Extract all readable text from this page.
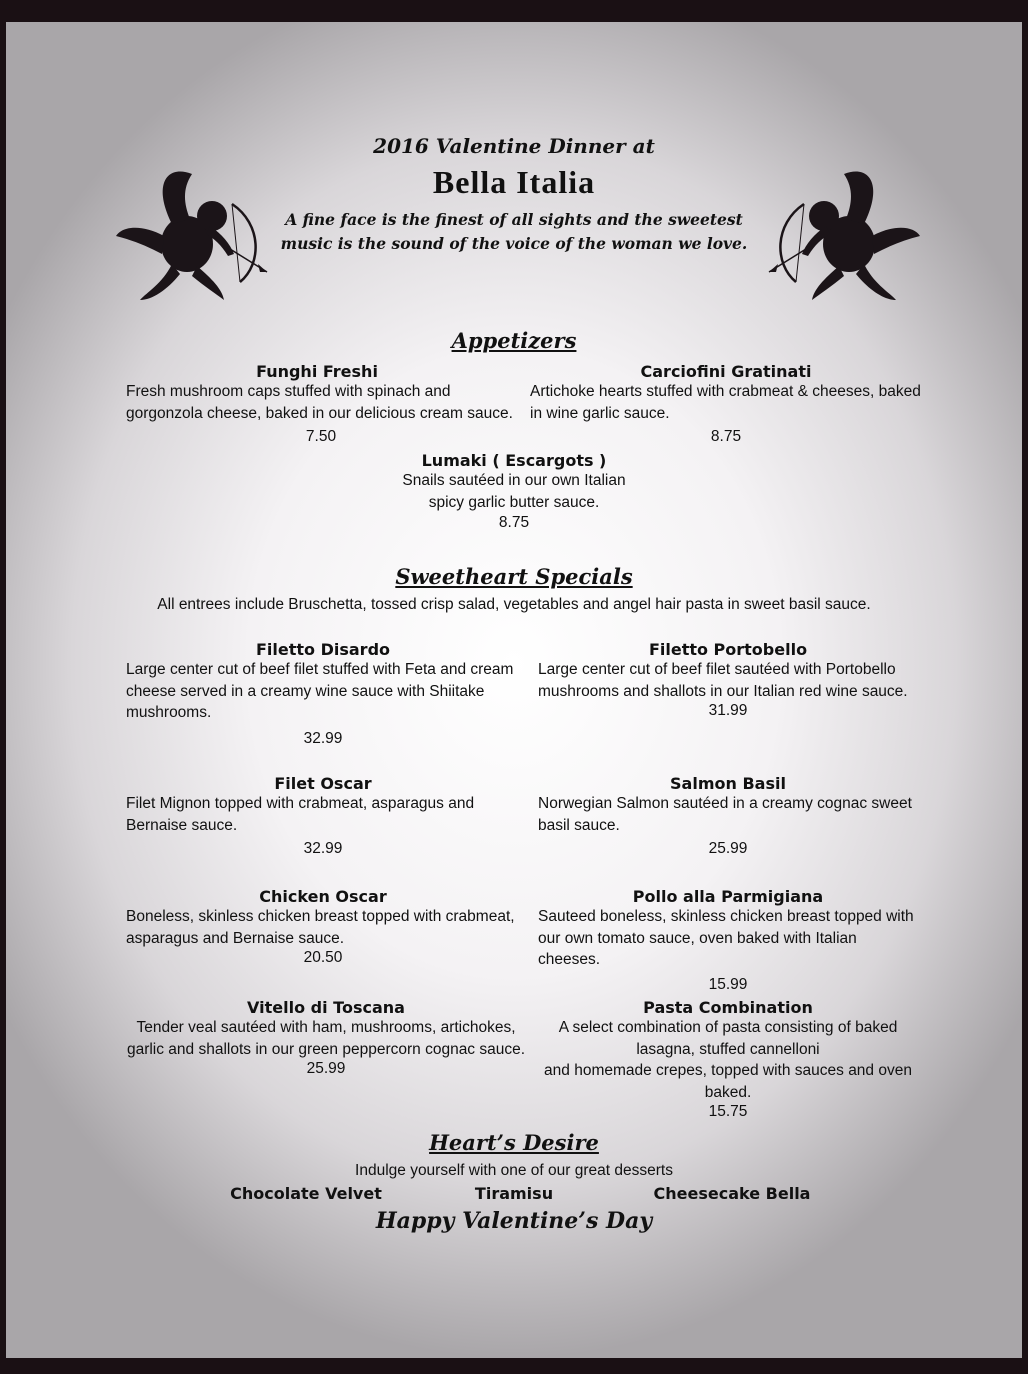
2016 Valentine Dinner at
Bella Italia
A fine face is the finest of all sights and the sweetest
music is the sound of the voice of the woman we love.
Appetizers
Funghi Freshi
Fresh mushroom caps stuffed with spinach and
gorgonzola cheese, baked in our delicious cream sauce.
7.50
Carciofini Gratinati
Artichoke hearts stuffed with crabmeat & cheeses, baked
in wine garlic sauce.
8.75
Lumaki ( Escargots )
Snails sautéed in our own Italian
spicy garlic butter sauce.
8.75
Sweetheart Specials
All entrees include Bruschetta, tossed crisp salad, vegetables and angel hair pasta in sweet basil sauce.
Filetto Disardo
Large center cut of beef filet stuffed with Feta and cream
cheese served in a creamy wine sauce with Shiitake
mushrooms.
32.99
Filetto Portobello
Large center cut of beef filet sautéed with Portobello
mushrooms and shallots in our Italian red wine sauce.
31.99
Filet Oscar
Filet Mignon topped with crabmeat, asparagus and
Bernaise sauce.
32.99
Salmon Basil
Norwegian Salmon sautéed in a creamy cognac sweet
basil sauce.
25.99
Chicken Oscar
Boneless, skinless chicken breast topped with crabmeat,
asparagus and Bernaise sauce.
20.50
Pollo alla Parmigiana
Sauteed boneless, skinless chicken breast topped with
our own tomato sauce, oven baked with Italian
cheeses.
15.99
Vitello di Toscana
Tender veal sautéed with ham, mushrooms, artichokes,
garlic and shallots in our green peppercorn cognac sauce.
25.99
Pasta Combination
A select combination of pasta consisting of baked
lasagna, stuffed cannelloni
and homemade crepes, topped with sauces and oven
baked.
15.75
Heart’s Desire
Indulge yourself with one of our great desserts
Chocolate Velvet	Tiramisu	Cheesecake Bella
Happy Valentine’s Day
